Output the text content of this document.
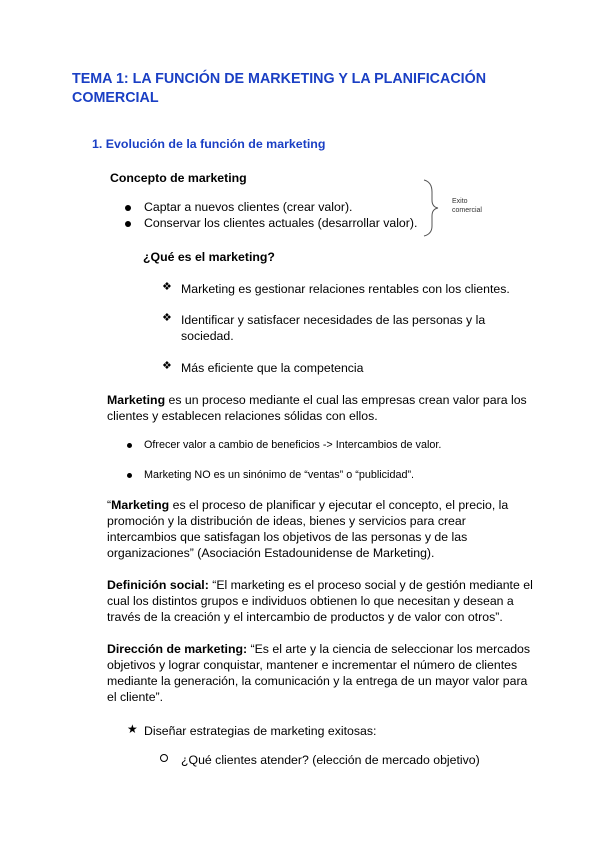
TEMA 1: LA FUNCIÓN DE MARKETING Y LA PLANIFICACIÓN COMERCIAL
1. Evolución de la función de marketing
Concepto de marketing
Captar a nuevos clientes (crear valor).
Conservar los clientes actuales (desarrollar valor).
Exito
comercial
¿Qué es el marketing?
❖ Marketing es gestionar relaciones rentables con los clientes.
❖ Identificar y satisfacer necesidades de las personas y la
sociedad.
❖ Más eficiente que la competencia
Marketing es un proceso mediante el cual las empresas crean valor para los
clientes y establecen relaciones sólidas con ellos.
Ofrecer valor a cambio de beneficios -> Intercambios de valor.
Marketing NO es un sinónimo de “ventas” o “publicidad”.
“Marketing es el proceso de planificar y ejecutar el concepto, el precio, la
promoción y la distribución de ideas, bienes y servicios para crear
intercambios que satisfagan los objetivos de las personas y de las
organizaciones” (Asociación Estadounidense de Marketing).
Definición social: “El marketing es el proceso social y de gestión mediante el
cual los distintos grupos e individuos obtienen lo que necesitan y desean a
través de la creación y el intercambio de productos y de valor con otros”.
Dirección de marketing: “Es el arte y la ciencia de seleccionar los mercados
objetivos y lograr conquistar, mantener e incrementar el número de clientes
mediante la generación, la comunicación y la entrega de un mayor valor para
el cliente”.
★ Diseñar estrategias de marketing exitosas:
¿Qué clientes atender? (elección de mercado objetivo)
